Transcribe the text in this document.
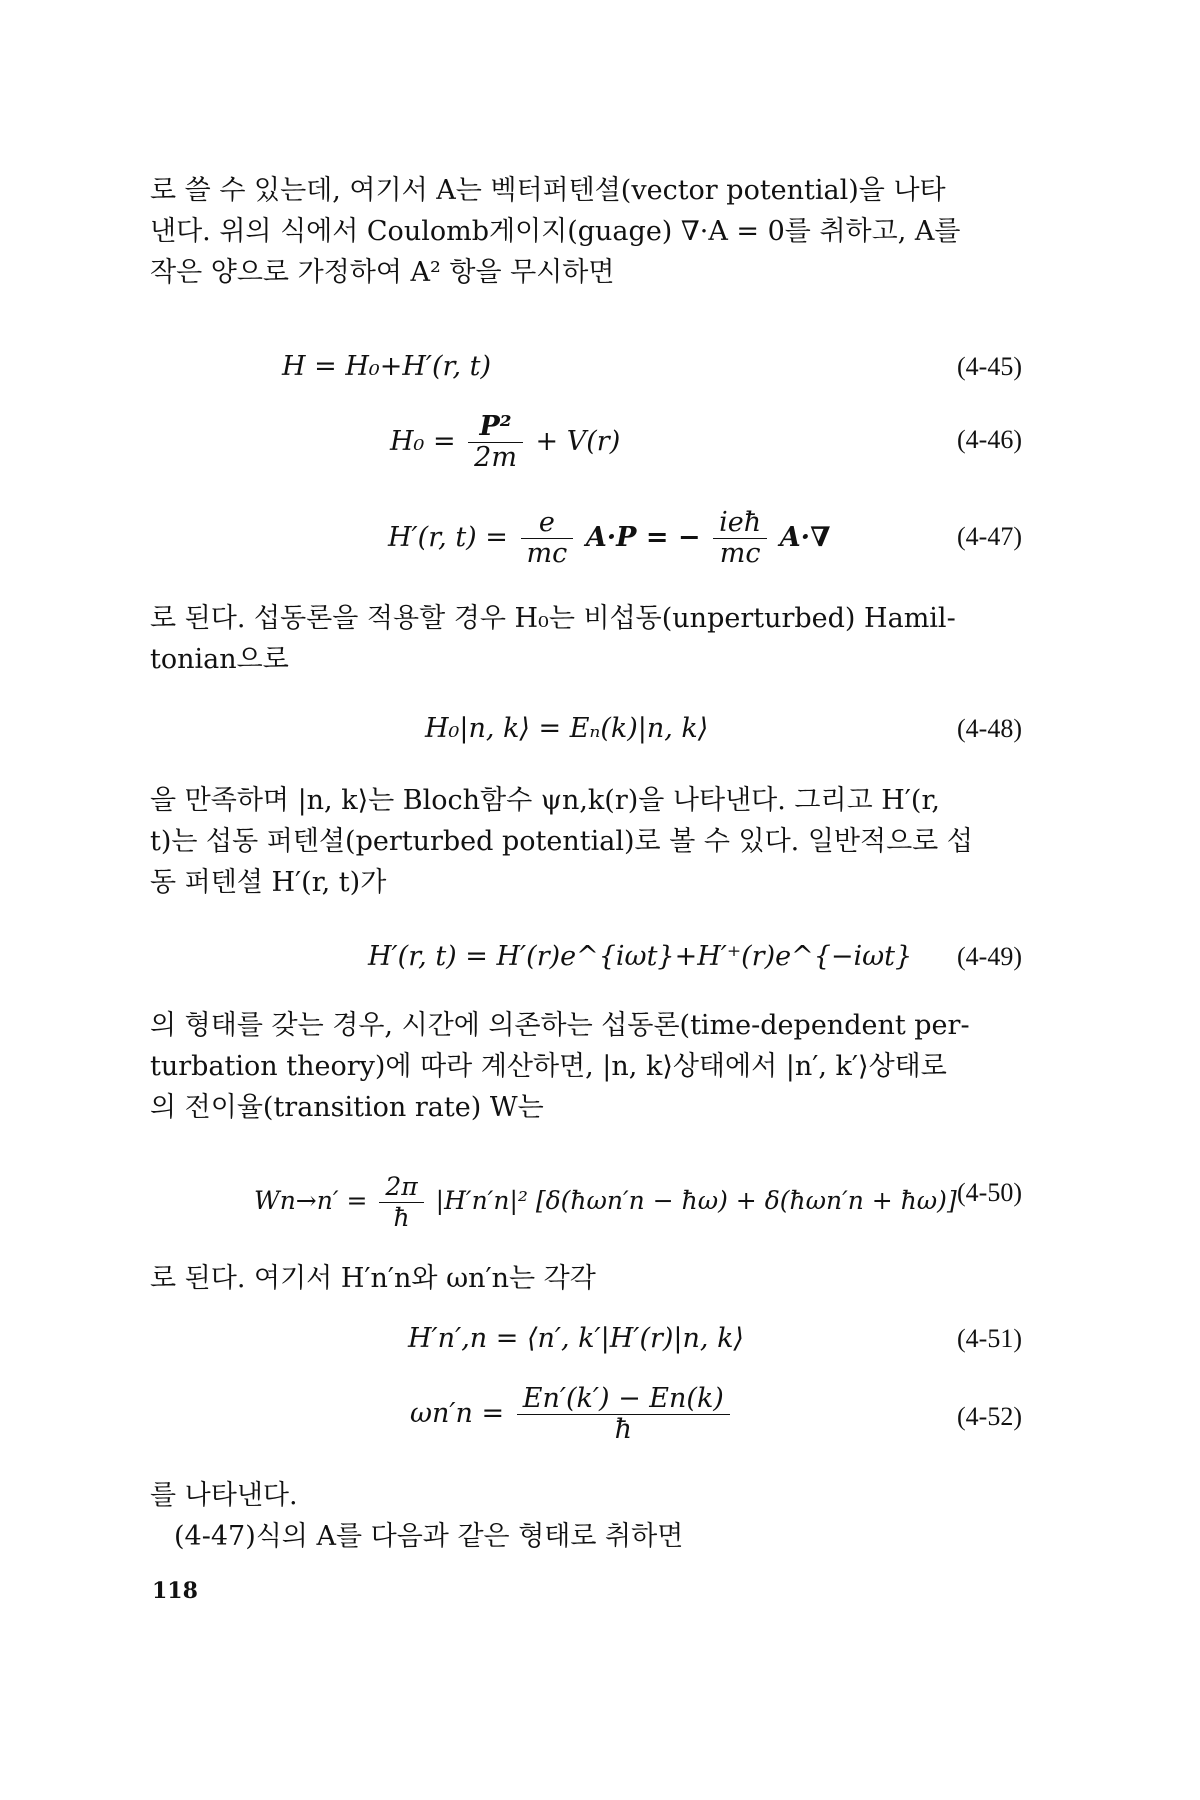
로 쓸 수 있는데, 여기서 A는 벡터퍼텐셜(vector potential)을 나타
낸다. 위의 식에서 Coulomb게이지(guage) ∇·A = 0를 취하고, A를
작은 양으로 가정하여 A² 항을 무시하면
H = H₀+H′(r, t)	(4-45)
$H_0 = \frac{\text{P²}}{2m} + V(r)$	(4-46)
H′(r, $t) = \frac{e}{mc} A\cdot P$ = − $\frac{\text{ieħ}}{mc} A\cdot\nabla$	(4-47)
로 된다. 섭동론을 적용할 경우 H₀는 비섭동(unperturbed) Hamil-
tonian으로
H₀|n, k⟩ = Eₙ(k)|n, k⟩	(4-48)
을 만족하며 |n, k⟩는 Bloch함수 ψn,k(r)을 나타낸다. 그리고 H′(r,
t)는 섭동 퍼텐셜(perturbed potential)로 볼 수 있다. 일반적으로 섭
동 퍼텐셜 H′(r, t)가
H′(r, t) = H′(r)e^{iωt}+H′⁺(r)e^{−iωt} (4-49)
의 형태를 갖는 경우, 시간에 의존하는 섭동론(time-dependent per-
turbation theory)에 따라 계산하면, |n, k⟩상태에서 |n′, k′⟩상태로
의 전이율(transition rate) W는
$Wn\to n' = \frac{2\pi}{ħ} |H'n'n|^2$ [δ(ħωn′n − ħω) + δ(ħωn′n + ħω)] (4-50)
로 된다. 여기서 H′n′n와 ωn′n는 각각
H′n′,n = ⟨n′, k′|H′(r)|n, k⟩	(4-51)
$\omega n'n = \frac{En'(k') - En(k)}{ħ}$	(4-52)
를 나타낸다.
(4-47)식의 A를 다음과 같은 형태로 취하면
118
